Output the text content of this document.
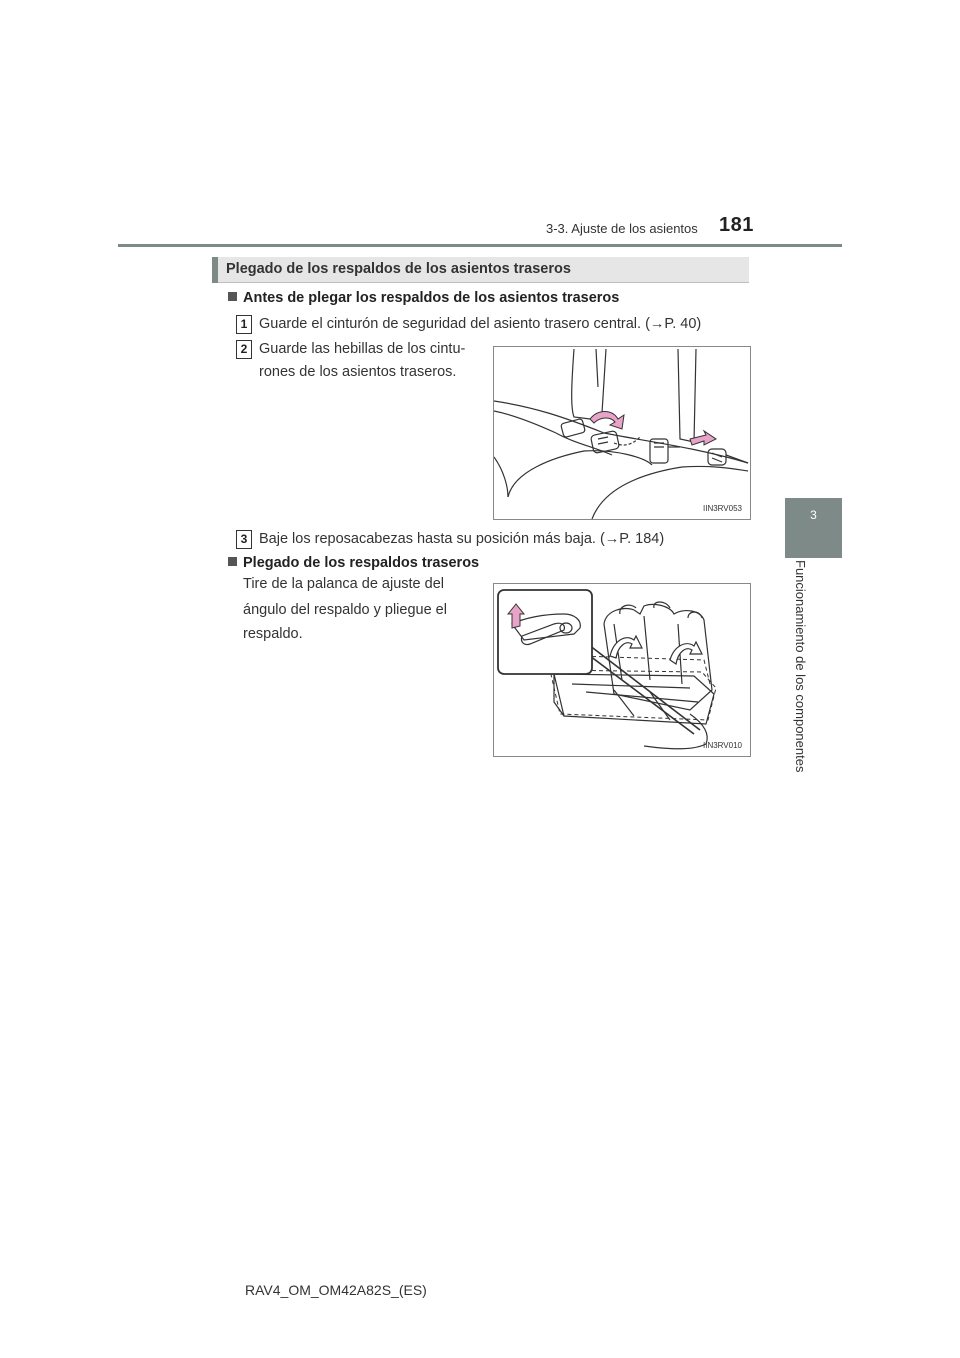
3-3. Ajuste de los asientos 181
3
Funcionamiento de los componentes
Plegado de los respaldos de los asientos traseros
Antes de plegar los respaldos de los asientos traseros
1 Guarde el cinturón de seguridad del asiento trasero central. (→P. 40)
2 Guarde las hebillas de los cintu-
rones de los asientos traseros.
IIN3RV053
3 Baje los reposacabezas hasta su posición más baja. (→P. 184)
Plegado de los respaldos traseros
Tire de la palanca de ajuste del
ángulo del respaldo y pliegue el
respaldo.
IIN3RV010
RAV4_OM_OM42A82S_(ES)
